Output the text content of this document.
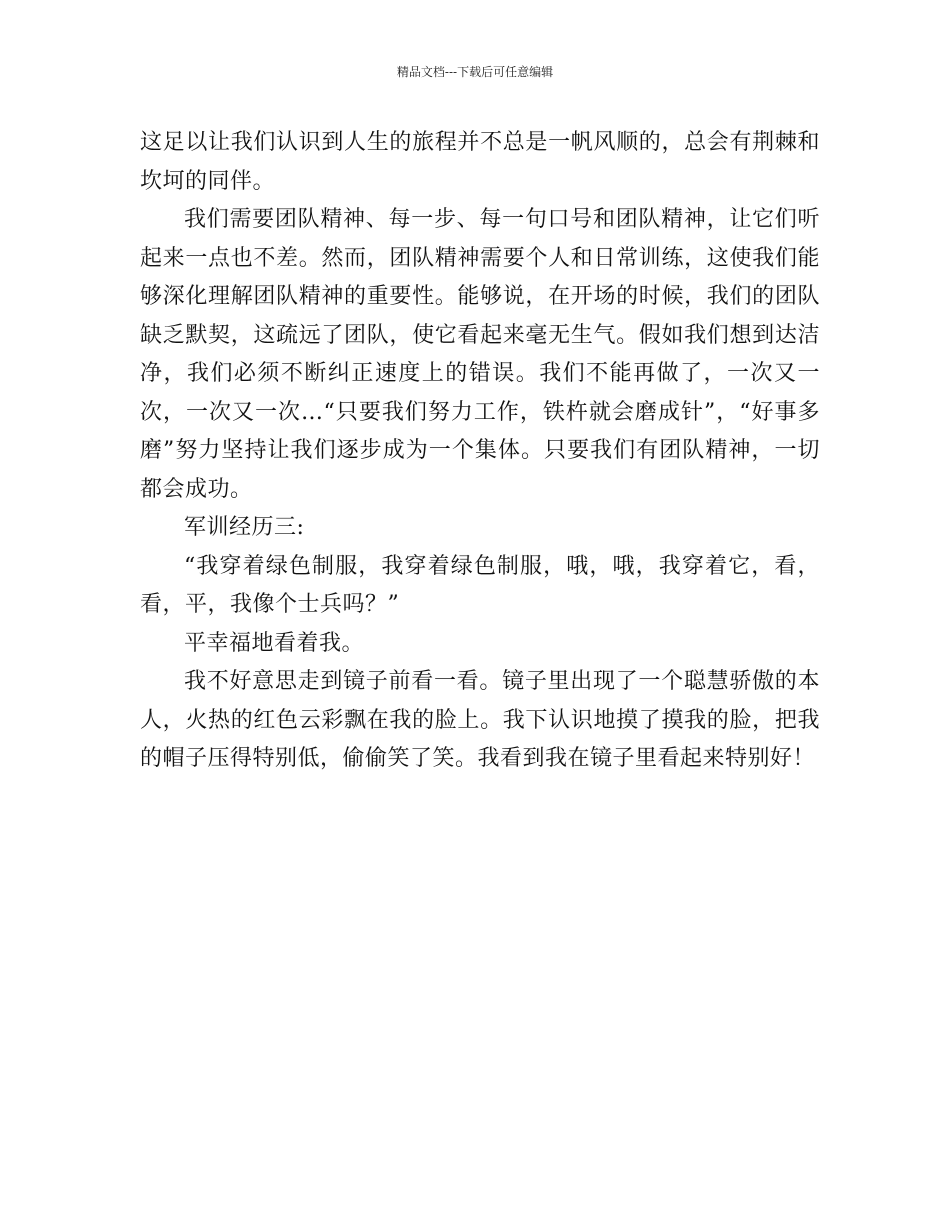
精品文档---下载后可任意编辑

这足以让我们认识到人生的旅程并不总是一帆风顺的，总会有荆棘和坎坷的同伴。

我们需要团队精神、每一步、每一句口号和团队精神，让它们听起来一点也不差。然而，团队精神需要个人和日常训练，这使我们能够深化理解团队精神的重要性。能够说，在开场的时候，我们的团队缺乏默契，这疏远了团队，使它看起来毫无生气。假如我们想到达洁净，我们必须不断纠正速度上的错误。我们不能再做了，一次又一次，一次又一次…“只要我们努力工作，铁杵就会磨成针”，“好事多磨”努力坚持让我们逐步成为一个集体。只要我们有团队精神，一切都会成功。

军训经历三:

“我穿着绿色制服，我穿着绿色制服，哦，哦，我穿着它，看，看，平，我像个士兵吗？”

平幸福地看着我。

我不好意思走到镜子前看一看。镜子里出现了一个聪慧骄傲的本人，火热的红色云彩飘在我的脸上。我下认识地摸了摸我的脸，把我的帽子压得特别低，偷偷笑了笑。我看到我在镜子里看起来特别好！
